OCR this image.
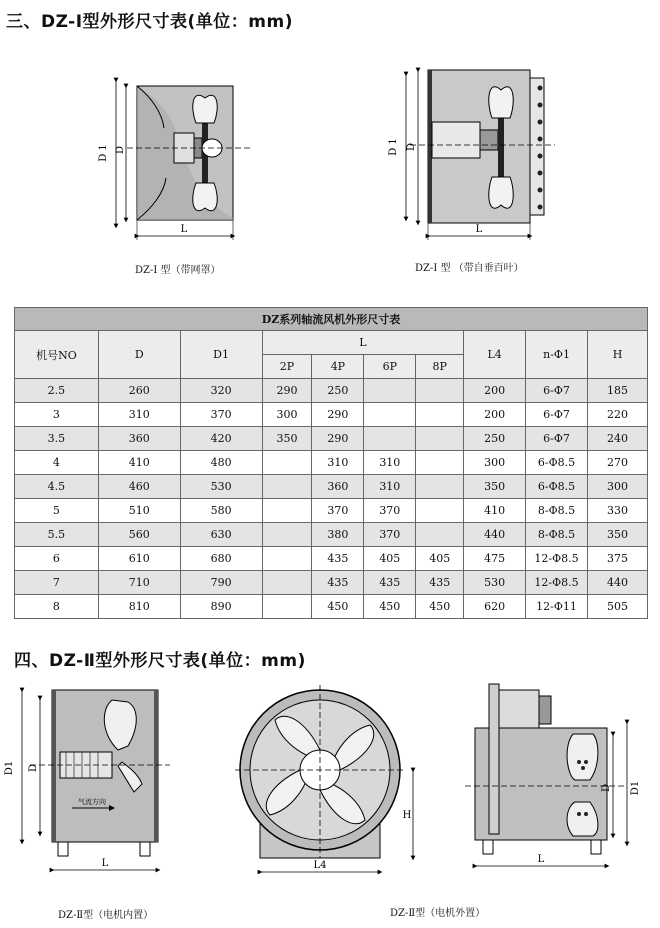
三、DZ-I型外形尺寸表(单位：mm)
D 1 D
L
DZ-I 型（带网罩）
D 1 D
L
DZ-I 型 （带自垂百叶）
DZ系列轴流风机外形尺寸表									
机号NO	D	D1	L				L4	n-Φ1	H
			2P	4P	6P	8P			
2.5	260	320	290	250			200	6-Φ7	185
3	310	370	300	290			200	6-Φ7	220
3.5	360	420	350	290			250	6-Φ7	240
4	410	480		310	310		300	6-Φ8.5	270
4.5	460	530		360	310		350	6-Φ8.5	300
5	510	580		370	370		410	8-Φ8.5	330
5.5	560	630		380	370		440	8-Φ8.5	350
6	610	680		435	405	405	475	12-Φ8.5	375
7	710	790		435	435	435	530	12-Φ8.5	440
8	810	890		450	450	450	620	12-Φ11	505
四、DZ-Ⅱ型外形尺寸表(单位：mm)
D1 D
L
气流方向
DZ-Ⅱ型（电机内置）
H
L4
D D1
L
DZ-Ⅱ型（电机外置）
